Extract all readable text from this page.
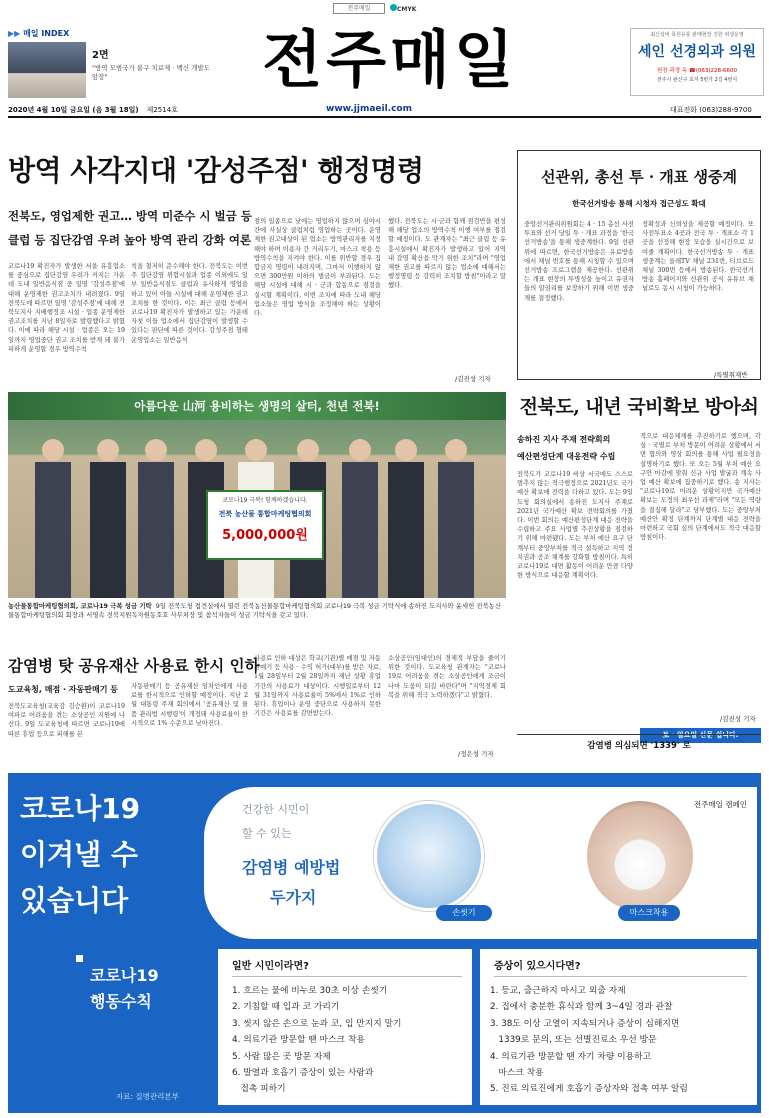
전주매일	CMYK
▶▶ 매일 INDEX
2면
"방역 모범국가 불구 치료제 · 백신 개발도 앞장"	전주매일	최신설비 목원유통 판매현장 진한 위생운영
세인 선경외과 의원
원장 곽경 옥 ☎(063)228-6600
전주시 완산구 효자 5번가 2길 4번지
2020년 4월 10일 금요일 (음 3월 18일) 제2514호	www.jjmaeil.com	대표전화 (063)288-9700
방역 사각지대 '감성주점' 행정명령
전북도, 영업제한 권고… 방역 미준수 시 벌금 등
클럽 등 집단감염 우려 높아 방역 관리 강화 여론
코로나19 확진자가 발생한 서울 유흥업소를 중심으로 집단감염 우려가 커지는 가운데 도내 일반음식점 중 일명 '감성주점'에 대해 운영제한 권고조치가 내려졌다. 9일 전북도에 따르면 일명 '감성주점'에 대해 전북도지사 지배행정조 시설 · 업종 운영제한 권고조치를 지난 8일자로 발령했다고 밝혔다. 이에 따라 해당 시설 · 업종은 오는 19일까지 영업중단 권고 조치를 받게 돼 불가피하게 운영할 경우 방역수칙
칙을 철저히 준수해야 한다. 전북도는 이번주 집단감염 위험시설과 업종 이외에도 일부 일반음식점도 클럽과 유사하게 영업을 하고 있어 이들 시설에 대해 운영제한 권고 조치를 한 것이다. 이는 최근 클럽 등에서 코로나19 확진자가 발생하고 있는 가운데 자칫 이들 업소에서 집단감염이 발생할 수 있다는 판단에 따른 것이다. 감성주점 형태 운영업소는 일반음식
점의 일종으로 낮에는 영업하지 않으며 심야시간에 사실상 클럽처럼 영업하는 곳이다. 운영제한 권고대상이 된 업소는 방역관리자를 지정해야 하며 이용자 간 거리두기, 마스크 착용 등 방역수칙을 지켜야 한다. 이를 위반할 경우 집합금지 명령이 내려지며, 그마저 이행하지 않으면 300만원 이하의 벌금이 부과된다. 도는 해당 시설에 대해 시 · 군과 합동으로 점검을 실시할 계획이다. 이번 조치에 따라 도내 해당 업소들은 영업 방식을 조정해야 하는 상황이다.
했다. 전북도는 시·군과 함께 점검반을 편성해 해당 업소의 방역수칙 이행 여부를 점검할 예정이다. 도 관계자는 "최근 클럽 등 유흥시설에서 확진자가 발생하고 있어 지역 내 감염 확산을 막기 위한 조치"라며 "영업제한 권고를 따르지 않는 업소에 대해서는 행정명령 등 강력히 조치할 방침"이라고 말했다.
/김진성 기자
선관위, 총선 투 · 개표 생중계
한국선거방송 통해 시청자 접근성도 확대
중앙선거관리위원회는 4 · 15 총선 사전투표와 선거 당일 투 · 개표 과정을 '한국선거방송'을 통해 생중계한다. 9일 선관위에 따르면, 한국선거방송은 유료방송에서 채널 번호를 통해 시청할 수 있으며 선거방송 프로그램을 제공한다. 선관위는 개표 현장의 투명성을 높이고 유권자들의 알권리를 보장하기 위해 이번 생중계를 결정했다.
정확성과 신뢰성을 제공할 예정이다. 또 사전투표소 4곳과 전국 투 · 개표소 각 1곳을 선정해 현장 모습을 실시간으로 보여줄 계획이다. 한국선거방송 투 · 개표 생중계는 올레TV 채널 231번, 티브로드 채널 300번 등에서 방송된다. 한국선거방송 홈페이지와 선관위 공식 유튜브 채널로도 동시 시청이 가능하다.
/특별취재반
아름다운 山河 용비하는 생명의 살터, 천년 전북!
코로나19 극복! 함께하겠습니다.
전북 농산물 통합마케팅협의회
5,000,000원
농산물통합마케팅협의회, 코로나19 극복 성금 기탁 9일 전북도청 접견실에서 열린 전북농산물통합마케팅협의회 코로나19 극복 성금 기탁식에 송하진 도지사와 윤세헌 전북농산물통합마케팅협의회 회장과 서영속 전북지원독자원동호호 사무처장 및 참석자들이 성금 기탁식을 갖고 있다.
전북도, 내년 국비확보 방아쇠
송하진 지사 주재 전략회의
예산편성단계 대응전략 수립
전북도가 코로나19 비상 시국에도 스스로 멈추지 않는 적극행정으로 2021년도 국가예산 확보에 전력을 다하고 있다. 도는 9일 도청 회의실에서 송하진 도지사 주재로 2021년 국가예산 확보 전략회의를 가졌다. 이번 회의는 예산편성단계 대응 전략을 수립하고 주요 사업별 추진상황을 점검하기 위해 마련됐다. 도는 부처 예산 요구 단계부터 중앙부처를 적극 설득하고 지역 정치권과 공조 체계를 강화할 방침이다. 특히 코로나19로 대면 활동이 어려운 만큼 다양한 방식으로 대응할 계획이다.
적으로 대응체계를 추진하기로 했으며, 각 실 · 국별로 부처 방문이 어려운 상황에서 서면 협의와 영상 회의를 통해 사업 필요성을 설명하기로 했다. 또 오는 5월 부처 예산 요구안 마감에 맞춰 신규 사업 발굴과 계속 사업 예산 확보에 집중하기로 했다. 송 지사는 "코로나19로 어려운 상황이지만 국가예산 확보는 도정의 최우선 과제"라며 "모든 역량을 결집해 달라"고 당부했다. 도는 중앙부처 예산안 확정 단계까지 단계별 대응 전략을 마련하고 국회 심의 단계에서도 적극 대응할 방침이다.
/김진성 기자
토 · 일요일 신문 쉽니다.
감염병 의심되면 '1339' 로
감염병 탓 공유재산 사용료 한시 인하
도교육청, 매점 · 자동판매기 등
전북도교육청(교육감 김승환)이 코로나19 여파로 어려움을 겪는 소상공인 지원에 나선다. 9일 도교육청에 따르면 코로나19에 따른 휴업 등으로 피해를 본
자동판매기 등 공유재산 임차인에게 사용료를 한시적으로 인하할 예정이다. 지난 2월 대통령 주재 회의에서 '공유재산 및 물품 관리법 시행령'이 개정돼 사용료율이 한시적으로 1% 수준으로 낮아진다.
사용료 인하 대상은 학교(기관)별 매점 및 자동판매기 등 사용 · 수익 허가(대부)를 받은 자로, 1월 28일부터 2월 28일까지 재난 상황 휴업 기간의 사용료가 대상이다. 시행일로부터 12월 31일까지 사용료율이 5%에서 1%로 인하된다. 휴업이나 운영 중단으로 사용하지 못한 기간은 사용료를 감면받는다.
소상공인(임대인)의 경제적 부담을 줄이기 위한 것이다. 도교육청 관계자는 "코로나19로 어려움을 겪는 소상공인에게 조금이나마 도움이 되길 바란다"며 "지역경제 회복을 위해 적극 노력하겠다"고 밝혔다.
/정은성 기자
코로나19
이겨낼 수
있습니다
전주매일 캠페인
건강한 시민이
할 수 있는
감염병 예방법
두가지
손씻기	마스크착용
코로나19
행동수칙
자료: 질병관리본부
일반 시민이라면?
1. 흐르는 물에 비누로 30초 이상 손씻기
2. 기침할 때 입과 코 가리기
3. 씻지 않은 손으로 눈과 코, 입 만지지 말기
4. 의료기관 방문할 땐 마스크 착용
5. 사람 많은 곳 방문 자제
6. 발열과 호흡기 증상이 있는 사람과
접촉 피하기
증상이 있으시다면?
1. 등교, 출근하지 마시고 외출 자제
2. 집에서 충분한 휴식과 함께 3~4일 경과 관찰
3. 38도 이상 고열이 지속되거나 증상이 심해지면
1339로 문의, 또는 선별진료소 우선 방문
4. 의료기관 방문할 땐 자기 차량 이용하고
마스크 착용
5. 진료 의료진에게 호흡기 증상자와 접촉 여부 알림
